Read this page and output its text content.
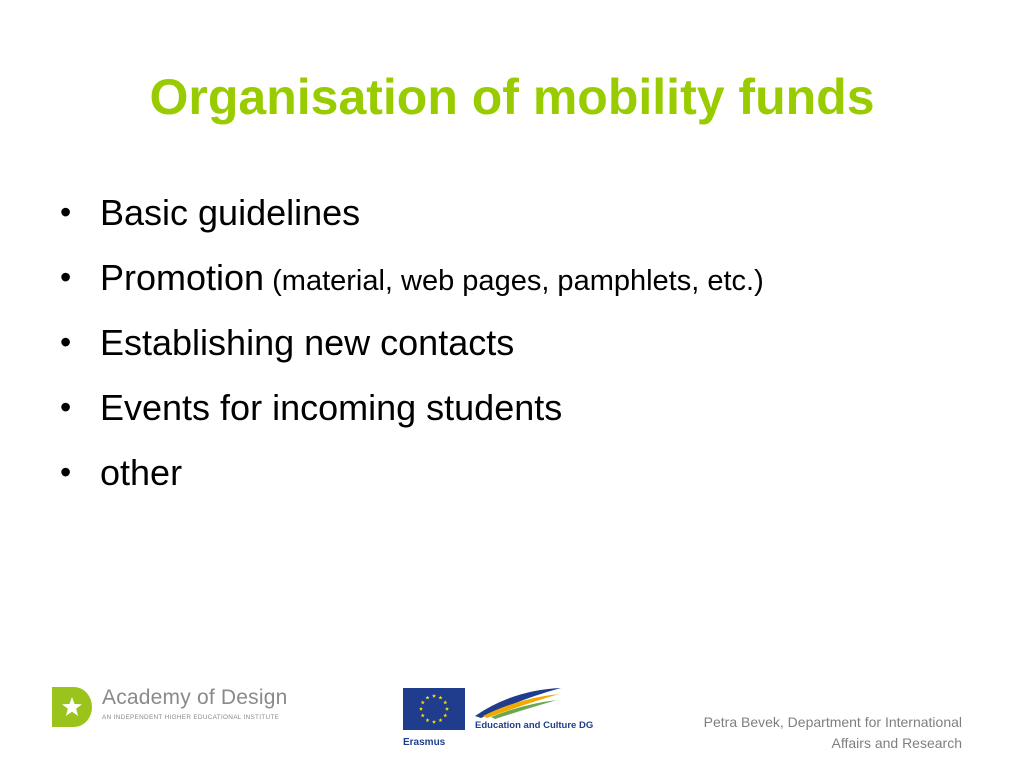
Organisation of mobility funds
• Basic guidelines
• Promotion (material, web pages, pamphlets, etc.)
• Establishing new contacts
• Events for incoming students
• other
Academy of Design
AN INDEPENDENT HIGHER EDUCATIONAL INSTITUTE
Erasmus
Education and Culture DG	Petra Bevek, Department for International
Affairs and Research
